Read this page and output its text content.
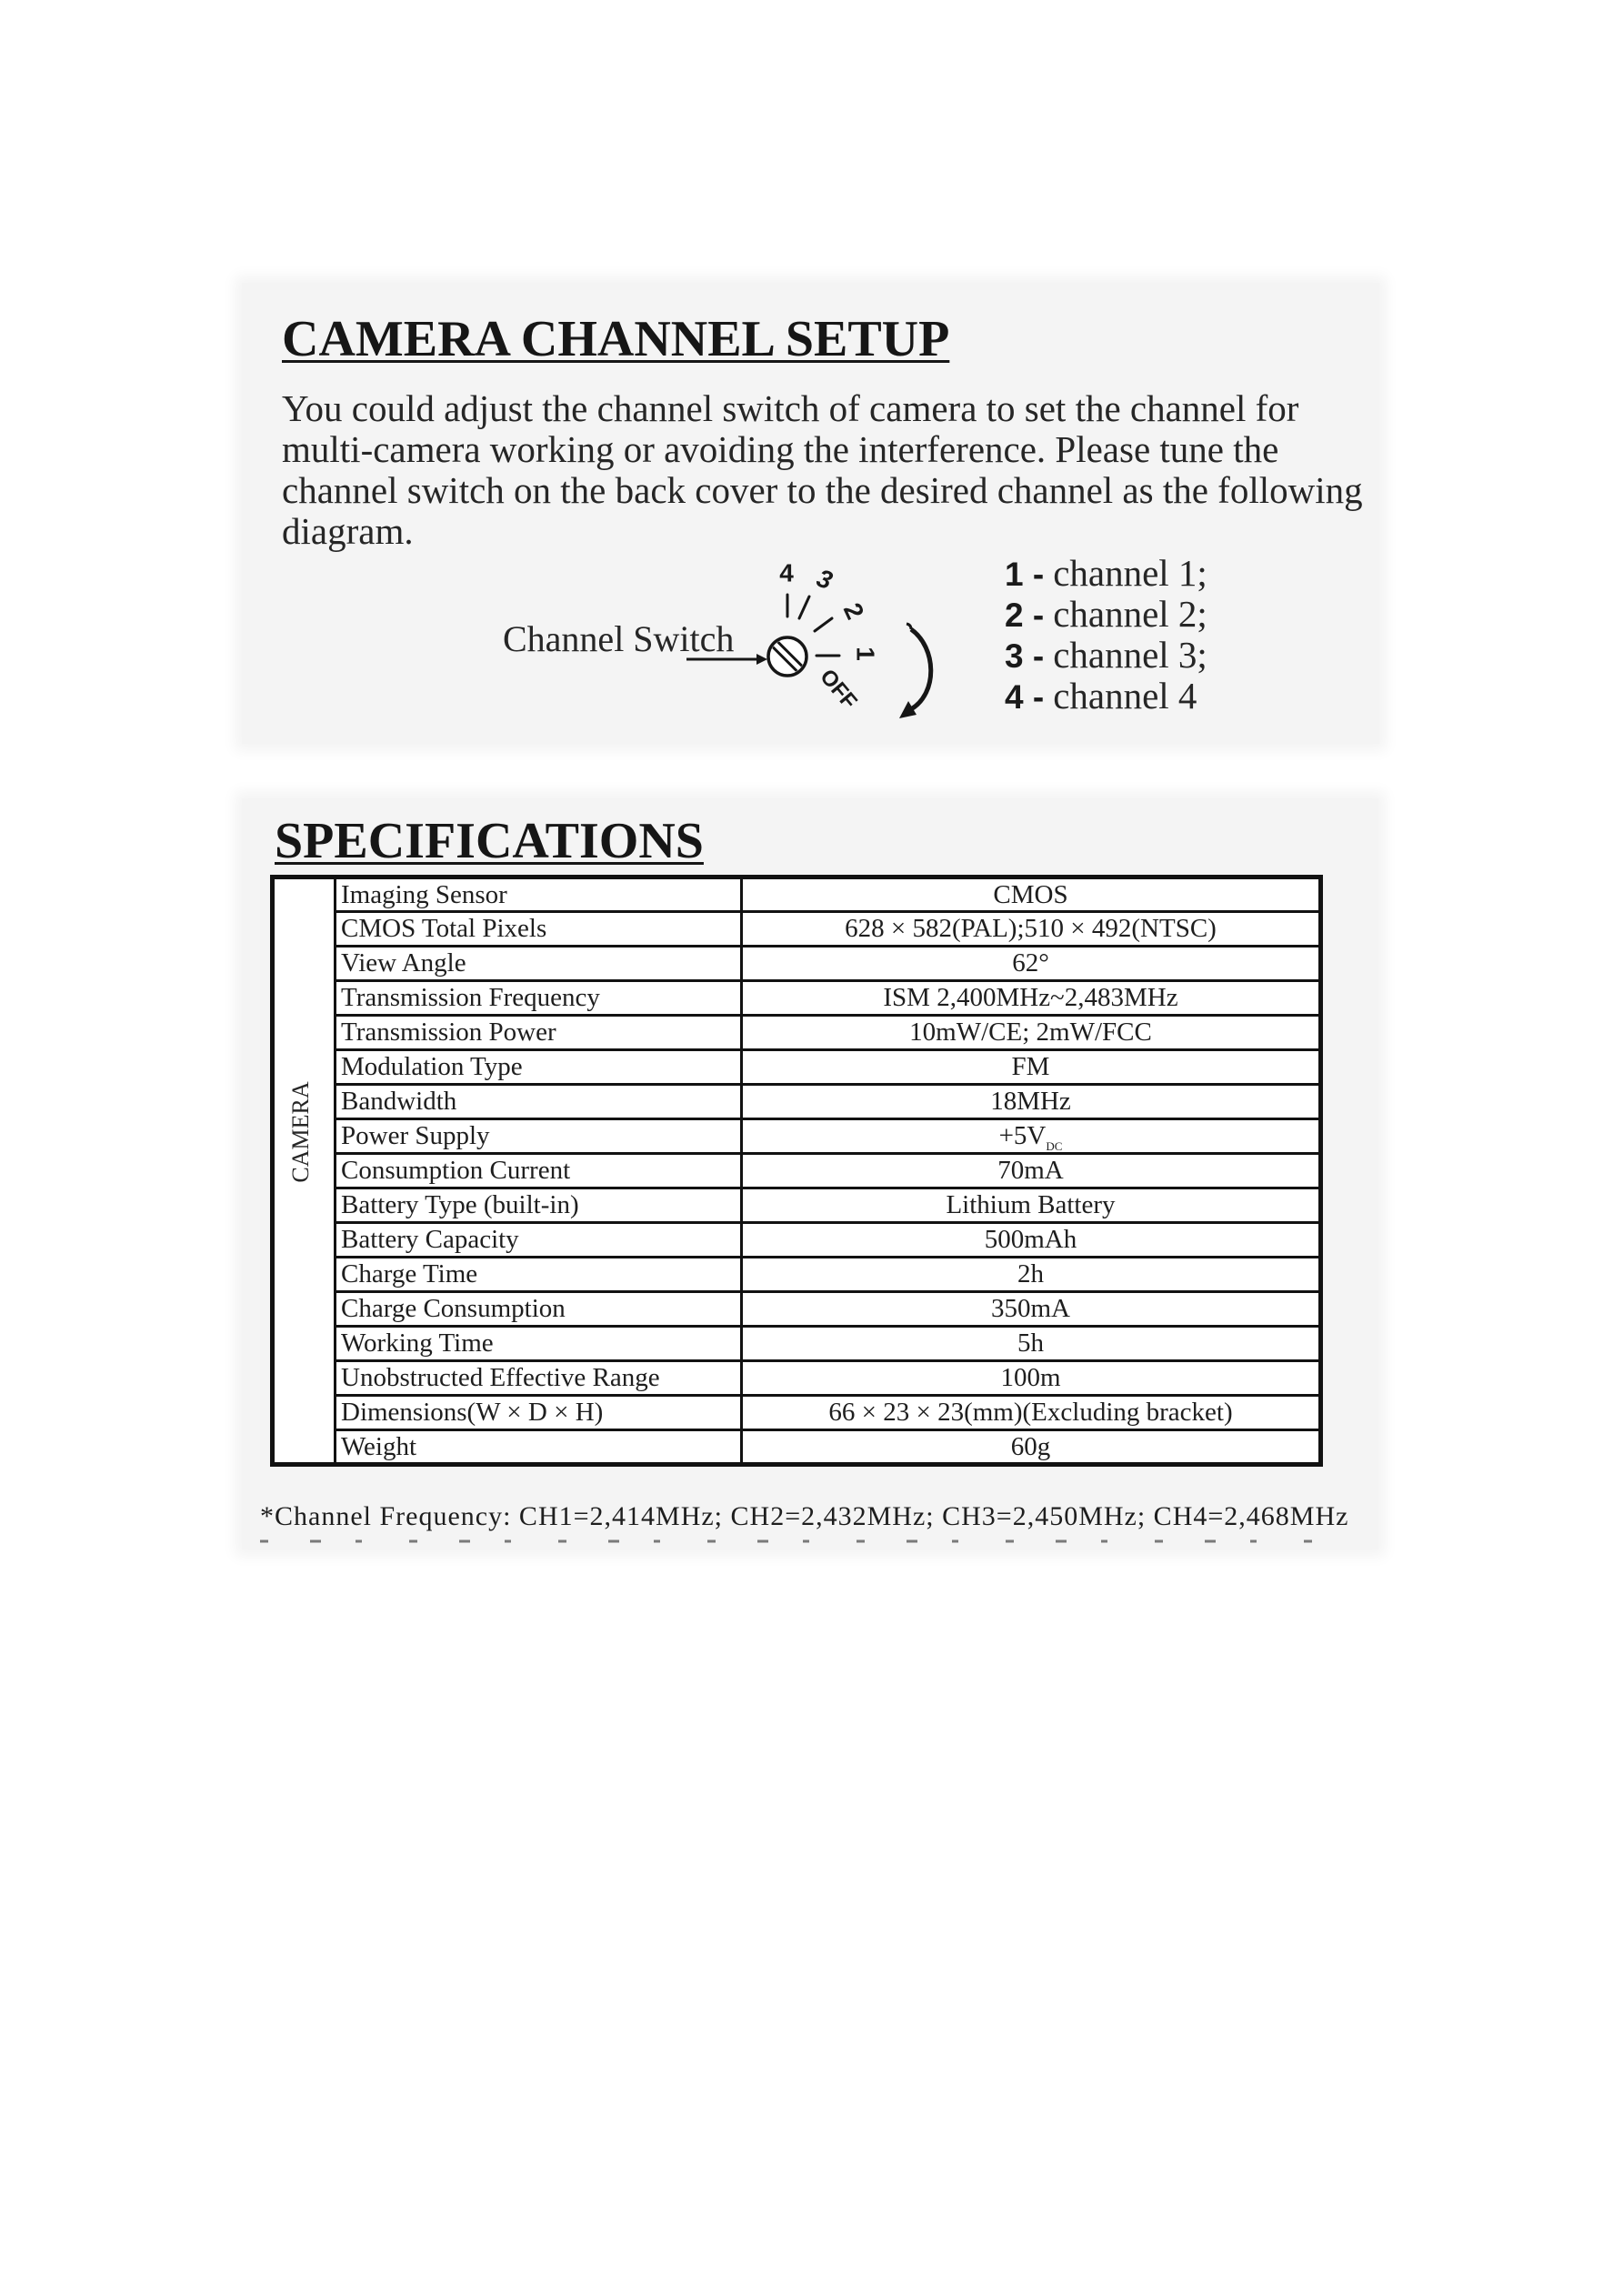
CAMERA CHANNEL SETUP
You could adjust the channel switch of camera to set the channel for
multi-camera working or avoiding the interference. Please tune the
channel switch on the back cover to the desired channel as the following
diagram.
Channel Switch
4 3
2
1
OFF
1 - channel 1;
2 - channel 2;
3 - channel 3;
4 - channel 4
SPECIFICATIONS
	Imaging Sensor	CMOS
	CMOS Total Pixels	628 × 582(PAL);510 × 492(NTSC)
	View Angle	62°
	Transmission Frequency	ISM 2,400MHz~2,483MHz
	Transmission Power	10mW/CE; 2mW/FCC
	Modulation Type	FM
	Bandwidth	18MHz
	Power Supply	$+5V_{DC}$
	Consumption Current	70mA
	Battery Type (built-in)	Lithium Battery
	Battery Capacity	500mAh
	Charge Time	2h
	Charge Consumption	350mA
	Working Time	5h
	Unobstructed Effective Range	100m
	Dimensions(W × D × H)	66 × 23 × 23(mm)(Excluding bracket)
	Weight	60g
CAMERA
*Channel Frequency: CH1=2,414MHz; CH2=2,432MHz; CH3=2,450MHz; CH4=2,468MHz
